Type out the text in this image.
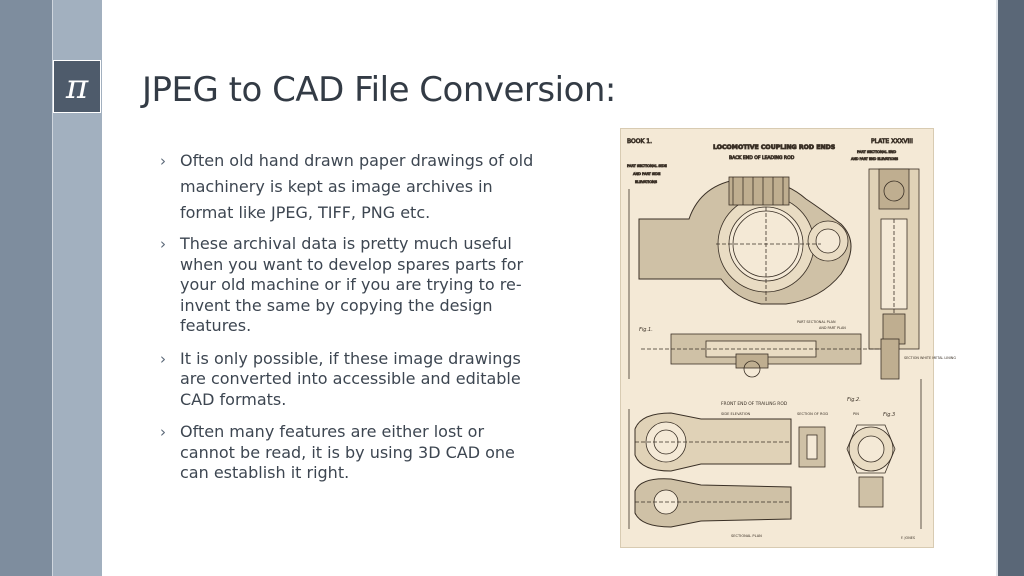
π	JPEG to CAD File Conversion:
› Often old hand drawn paper drawings of old machinery is kept as image archives in format like JPEG, TIFF, PNG etc.
› These archival data is pretty much useful when you want to develop spares parts for your old machine or if you are trying to re-invent the same by copying the design features.
› It is only possible, if these image drawings are converted into accessible and editable CAD formats.
› Often many features are either lost or cannot be read, it is by using 3D CAD one can establish it right.
BOOK 1.	PLATE XXXVIII
LOCOMOTIVE COUPLING ROD ENDS
BACK END OF LEADING ROD
PART SECTIONAL SIDE
AND PART SIDE
ELEVATIONS
PART SECTIONAL END
AND PART END ELEVATIONS
Fig.1.
PART SECTIONAL PLAN
AND PART PLAN
SECTION WHITE METAL LINING
FRONT END OF TRAILING ROD
Fig.2.
SIDE ELEVATION	SECTION OF ROD	PIN	Fig.3
SECTIONAL PLAN	F. JONES
